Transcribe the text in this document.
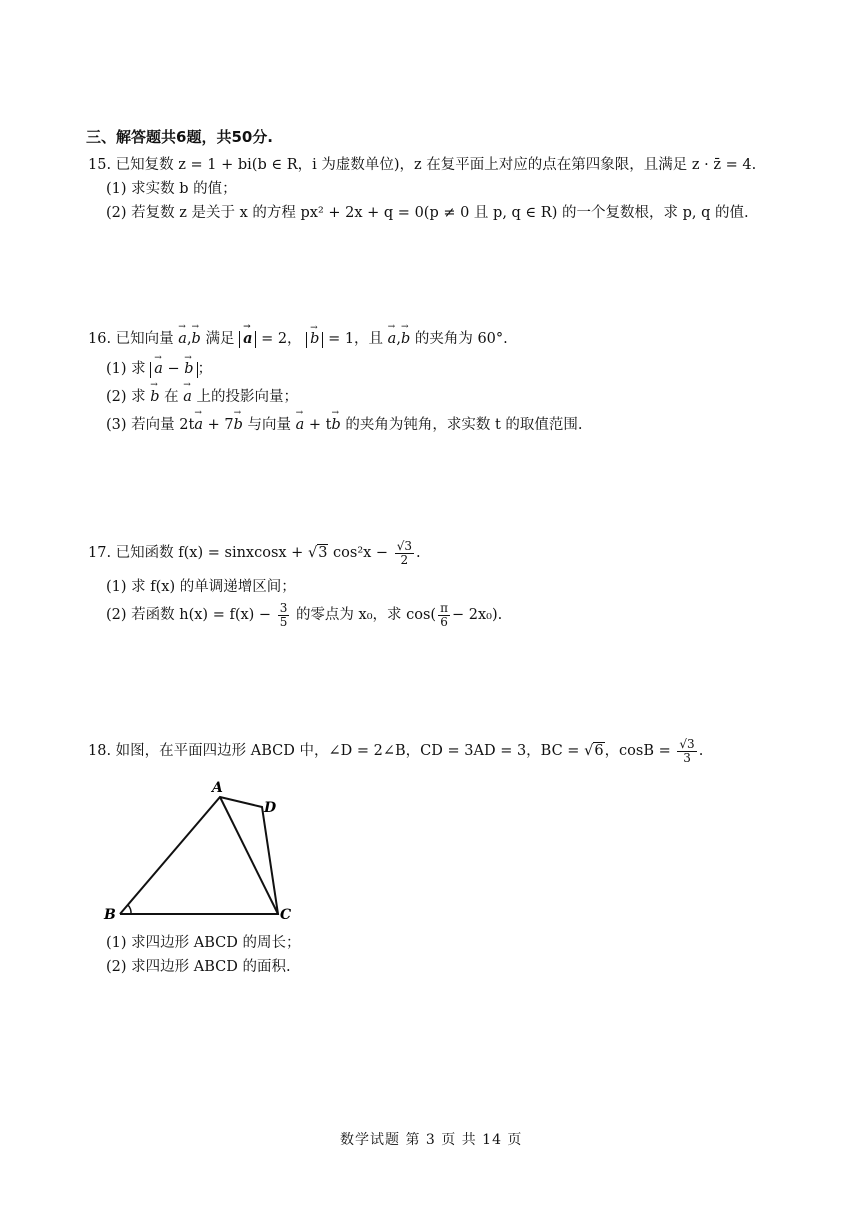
三、解答题共6题，共50分.
15. 已知复数 z = 1 + bi(b ∈ R，i 为虚数单位)，z 在复平面上对应的点在第四象限，且满足 z · z̄ = 4.
(1) 求实数 b 的值；
(2) 若复数 z 是关于 x 的方程 px² + 2x + q = 0(p ≠ 0 且 p, q ∈ R) 的一个复数根，求 p, q 的值.
16. 已知向量 → a,→ b 满足 → a = 2， → b = 1，且 → a,→ b 的夹角为 60°.
(1) 求 → a − → b ；
(2) 求 → b 在 → a 上的投影向量；
(3) 若向量 2t→ a + 7→ b 与向量 → a + t→ b 的夹角为钝角，求实数 t 的取值范围.
17. 已知函数 f(x) = sinxcosx + √3 $\cos^2x - \frac{√3}{2}$ .
(1) 求 f(x) 的单调递增区间；
(2) 若函数 $h(x) = f(x) - \frac{3}{5}$ 的零点为 x₀，求 $\cos( \frac{\pi}{6} - 2x_0)$.
18. 如图，在平面四边形 ABCD 中，∠D = 2∠B，CD = 3AD = 3，BC = √6，$\cos B = \frac{√3}{3}$ .
A
B	C
D
(1) 求四边形 ABCD 的周长；
(2) 求四边形 ABCD 的面积.
数学试题 第 3 页 共 14 页
